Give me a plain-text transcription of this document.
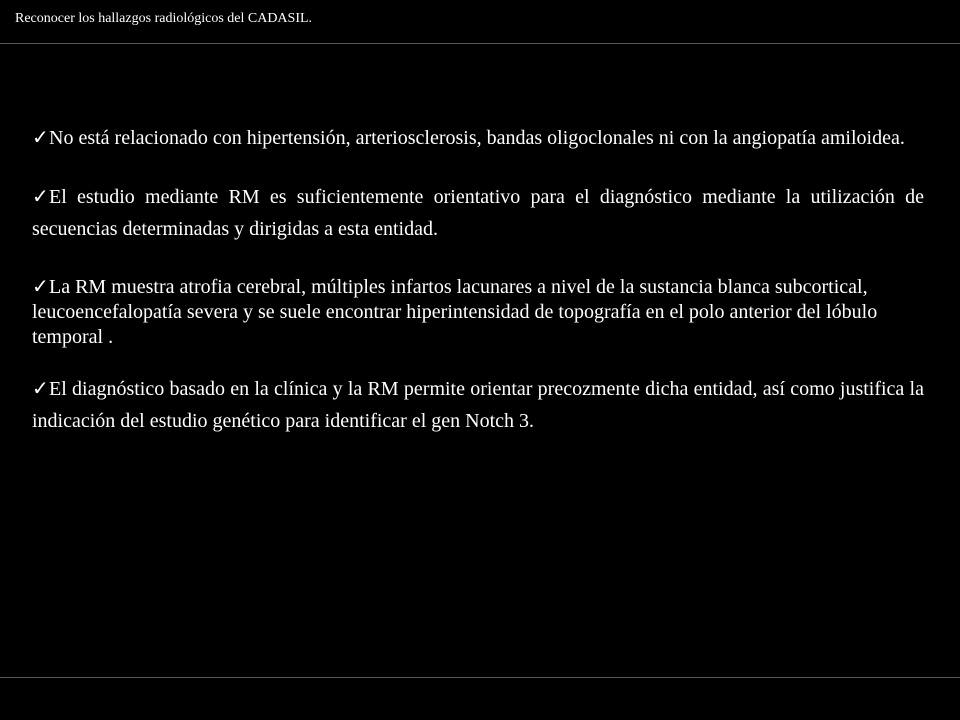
Reconocer los hallazgos radiológicos del CADASIL.

✓No está relacionado con hipertensión, arteriosclerosis, bandas oligoclonales ni con la angiopatía amiloidea.

✓El estudio mediante RM es suficientemente orientativo para el diagnóstico mediante la utilización de secuencias determinadas y dirigidas a esta entidad.

✓La RM muestra atrofia cerebral, múltiples infartos lacunares a nivel de la sustancia blanca subcortical, leucoencefalopatía severa y se suele encontrar hiperintensidad de topografía en el polo anterior del lóbulo temporal .

✓El diagnóstico basado en la clínica y la RM permite orientar precozmente dicha entidad, así como justifica la indicación del estudio genético para identificar el gen Notch 3.
